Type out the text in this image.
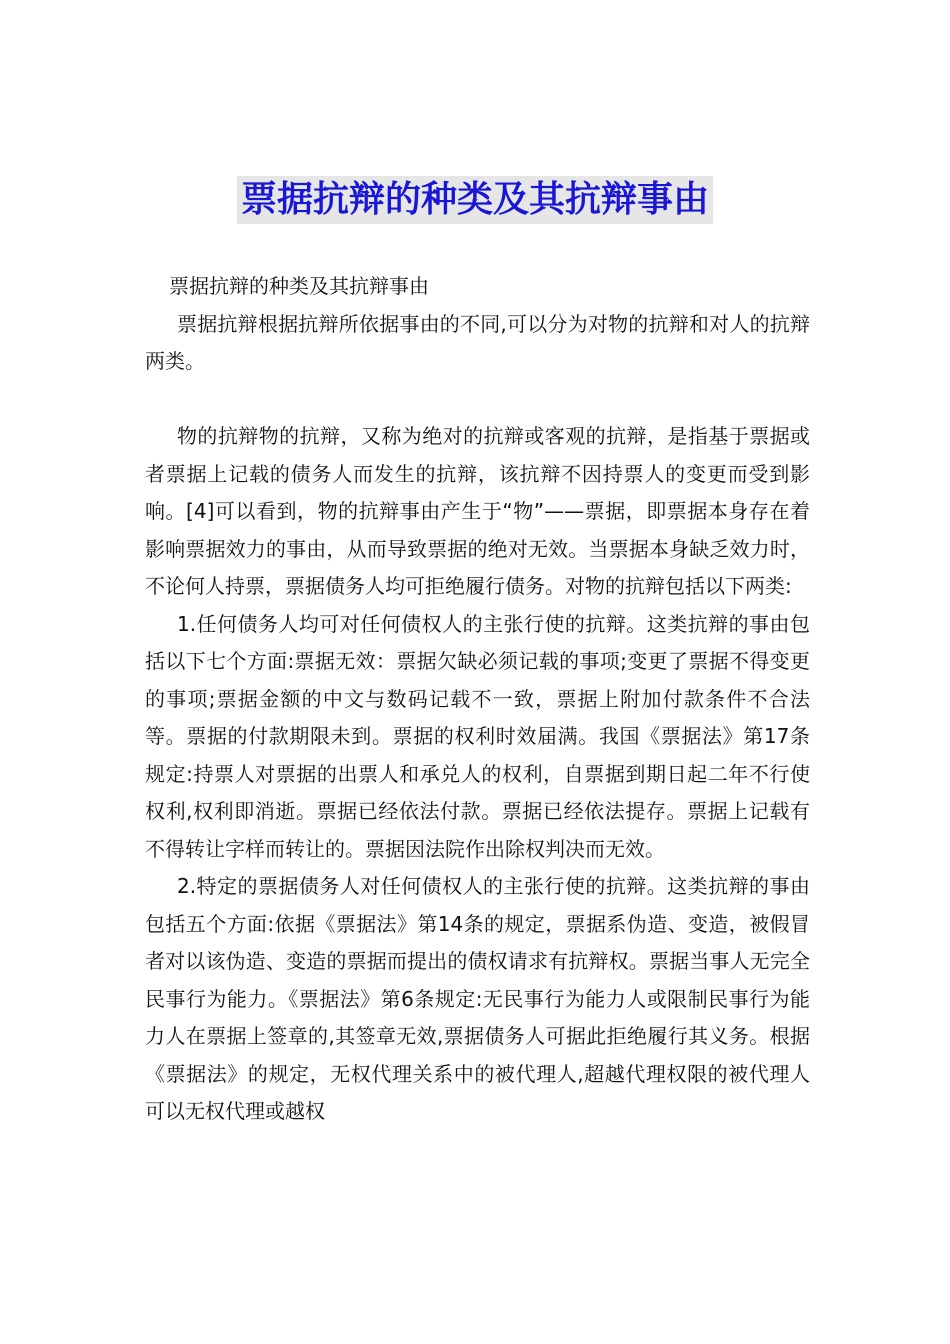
票据抗辩的种类及其抗辩事由

票据抗辩的种类及其抗辩事由

票据抗辩根据抗辩所依据事由的不同,可以分为对物的抗辩和对人的抗辩两类。

物的抗辩物的抗辩，又称为绝对的抗辩或客观的抗辩，是指基于票据或者票据上记载的债务人而发生的抗辩，该抗辩不因持票人的变更而受到影响。[4]可以看到，物的抗辩事由产生于“物”——票据，即票据本身存在着影响票据效力的事由，从而导致票据的绝对无效。当票据本身缺乏效力时，不论何人持票，票据债务人均可拒绝履行债务。对物的抗辩包括以下两类:

1.任何债务人均可对任何债权人的主张行使的抗辩。这类抗辩的事由包括以下七个方面:票据无效：票据欠缺必须记载的事项;变更了票据不得变更的事项;票据金额的中文与数码记载不一致，票据上附加付款条件不合法等。票据的付款期限未到。票据的权利时效届满。我国《票据法》第17条规定:持票人对票据的出票人和承兑人的权利，自票据到期日起二年不行使权利,权利即消逝。票据已经依法付款。票据已经依法提存。票据上记载有不得转让字样而转让的。票据因法院作出除权判决而无效。

2.特定的票据债务人对任何债权人的主张行使的抗辩。这类抗辩的事由包括五个方面:依据《票据法》第14条的规定，票据系伪造、变造，被假冒者对以该伪造、变造的票据而提出的债权请求有抗辩权。票据当事人无完全民事行为能力。《票据法》第6条规定:无民事行为能力人或限制民事行为能力人在票据上签章的,其签章无效,票据债务人可据此拒绝履行其义务。根据《票据法》的规定，无权代理关系中的被代理人,超越代理权限的被代理人可以无权代理或越权
